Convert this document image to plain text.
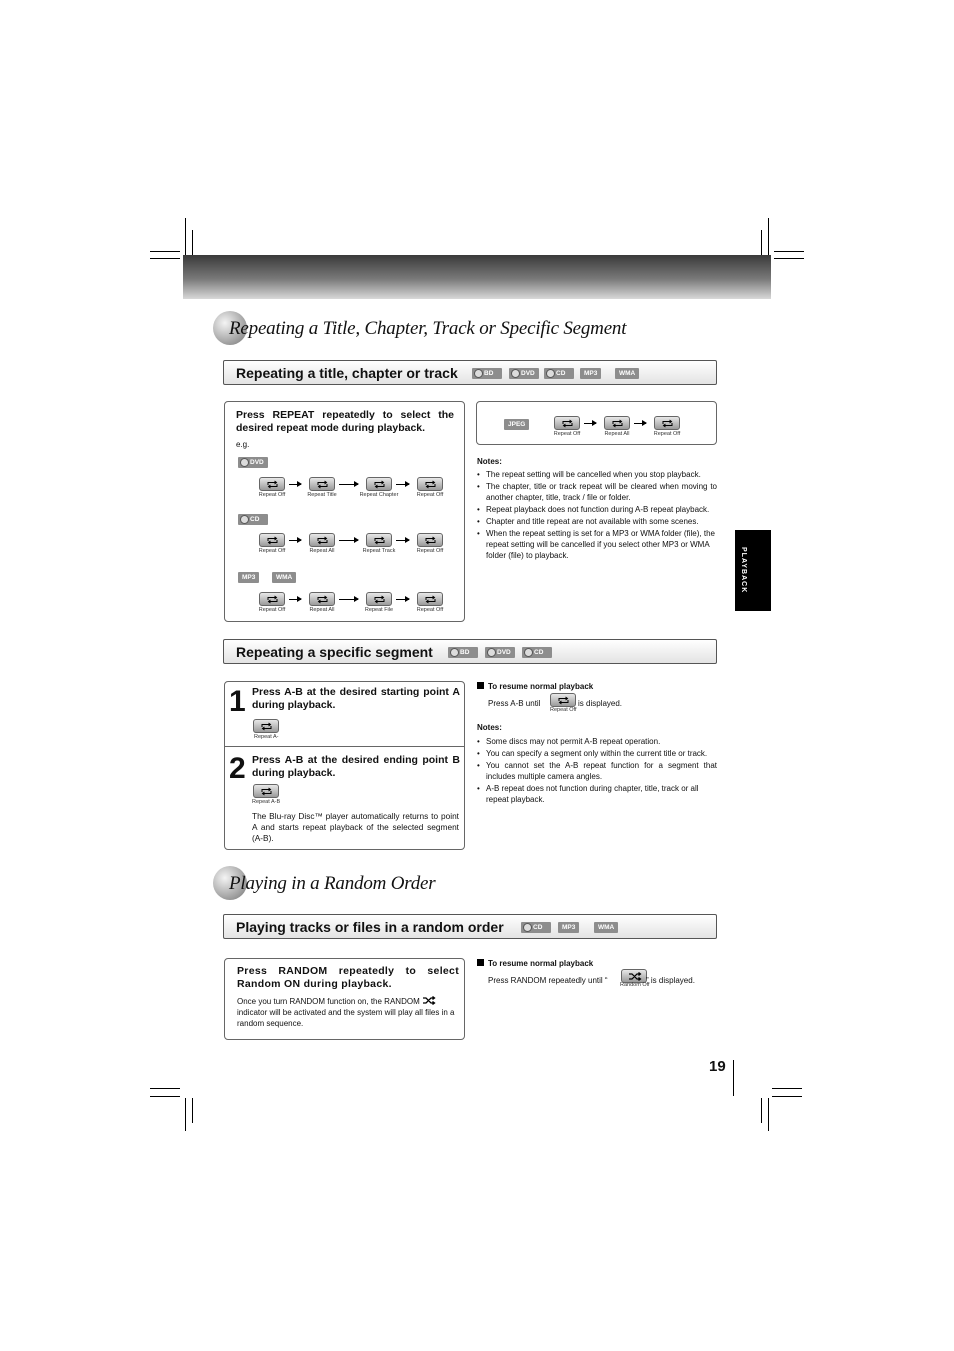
Repeating a Title, Chapter, Track or Specific Segment
Repeating a title, chapter or track	BD	DVD	CD	MP3	WMA
Press REPEAT repeatedly to select the desired repeat mode during playback.
e.g.
DVD
Repeat Off	Repeat Title	Repeat Chapter	Repeat Off
CD
Repeat Off	Repeat All	Repeat Track	Repeat Off
MP3	WMA
Repeat Off	Repeat All	Repeat File	Repeat Off
JPEG
Repeat Off	Repeat All	Repeat Off
Notes:
• The repeat setting will be cancelled when you stop playback.
• The chapter, title or track repeat will be cleared when moving to another chapter, title, track / file or folder.
• Repeat playback does not function during A-B repeat playback.
• Chapter and title repeat are not available with some scenes.
• When the repeat setting is set for a MP3 or WMA folder (file), the repeat setting will be cancelled if you select other MP3 or WMA folder (file) to playback.
Repeating a specific segment	BD	DVD	CD
1 Press A-B at the desired starting point A during playback.
Repeat A-
2 Press A-B at the desired ending point B during playback.
Repeat A-B
The Blu-ray Disc™ player automatically returns to point A and starts repeat playback of the selected segment (A-B).
To resume normal playback
Press A-B until
Repeat Off
is displayed.
Notes:
• Some discs may not permit A-B repeat operation.
• You can specify a segment only within the current title or track.
• You cannot set the A-B repeat function for a segment that includes multiple camera angles.
• A-B repeat does not function during chapter, title, track or all repeat playback.
Playing in a Random Order
Playing tracks or files in a random order	CD	MP3	WMA
Press RANDOM repeatedly to select Random ON during playback.
Once you turn RANDOM function on, the RANDOM  indicator will be activated and the system will play all files in a random sequence.
To resume normal playback
Press RANDOM repeatedly until “ Random Off
” is displayed.
PLAYBACK
19
